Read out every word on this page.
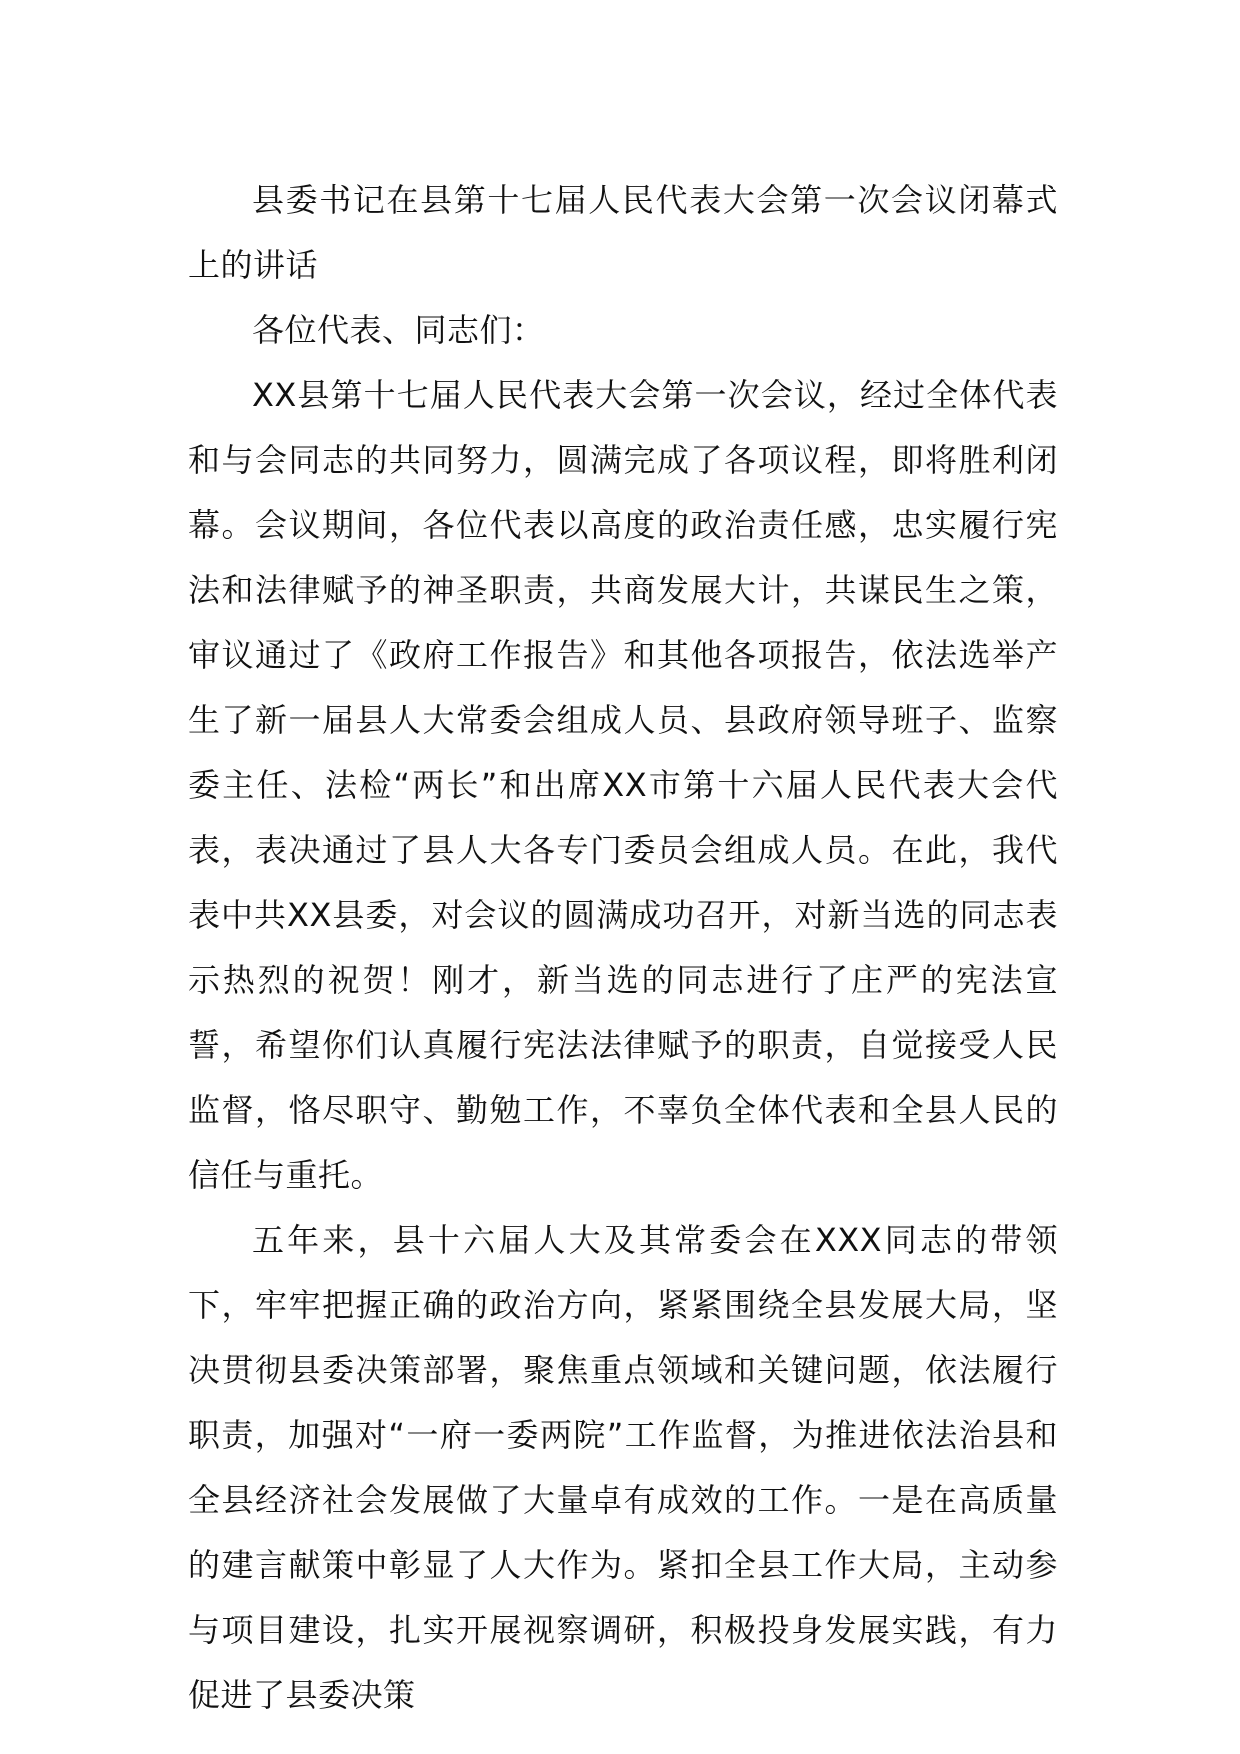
县委书记在县第十七届人民代表大会第一次会议闭幕式上的讲话

各位代表、同志们：

XX县第十七届人民代表大会第一次会议，经过全体代表和与会同志的共同努力，圆满完成了各项议程，即将胜利闭幕。会议期间，各位代表以高度的政治责任感，忠实履行宪法和法律赋予的神圣职责，共商发展大计，共谋民生之策，审议通过了《政府工作报告》和其他各项报告，依法选举产生了新一届县人大常委会组成人员、县政府领导班子、监察委主任、法检“两长”和出席XX市第十六届人民代表大会代表，表决通过了县人大各专门委员会组成人员。在此，我代表中共XX县委，对会议的圆满成功召开，对新当选的同志表示热烈的祝贺！刚才，新当选的同志进行了庄严的宪法宣誓，希望你们认真履行宪法法律赋予的职责，自觉接受人民监督，恪尽职守、勤勉工作，不辜负全体代表和全县人民的信任与重托。

五年来，县十六届人大及其常委会在XXX同志的带领下，牢牢把握正确的政治方向，紧紧围绕全县发展大局，坚决贯彻县委决策部署，聚焦重点领域和关键问题，依法履行职责，加强对“一府一委两院”工作监督，为推进依法治县和全县经济社会发展做了大量卓有成效的工作。一是在高质量的建言献策中彰显了人大作为。紧扣全县工作大局，主动参与项目建设，扎实开展视察调研，积极投身发展实践，有力促进了县委决策
